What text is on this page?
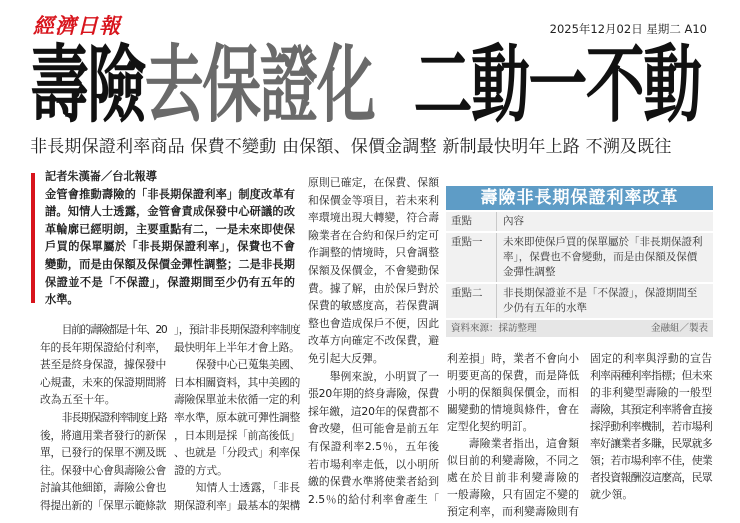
經濟日報	2025年12月02日 星期二 A10
壽險去保證化 二動一不動
非長期保證利率商品 保費不變動 由保額、保價金調整 新制最快明年上路 不溯及既往
記者朱漢崙／台北報導
金管會推動壽險的「非長期保證利率」制度改革有
譜。知情人士透露，金管會責成保發中心研議的改
革輪廓已經明朗，主要重點有二，一是未來即使保
戶買的保單屬於「非長期保證利率」，保費也不會
變動，而是由保額及保價金彈性調整；二是非長期
保證並不是「不保證」，保證期間至少仍有五年的
水準。
目前的壽險都是十年、20
年的長年期保證給付利率，
甚至是終身保證，據保發中
心規畫，未來的保證期間將
改為五至十年。
非長期保證利率制度上路
後，將適用業者發行的新保
單，已發行的保單不溯及既
往。保發中心會與壽險公會
討論其他細節，壽險公會也
得提出新的「保單示範條款
」，預計非長期保證利率制度
最快明年上半年才會上路。
保發中心已蒐集美國、
日本相關資料，其中美國的
壽險保單並未依循一定的利
率水準，原本就可彈性調整
，日本則是採「前高後低」
、也就是「分段式」利率保
證的方式。
知情人士透露，「非長
期保證利率」最基本的架構
原則已確定，在保費、保額
和保價金等項目，若未來利
率環境出現大轉變，符合壽
險業者在合約和保戶約定可
作調整的情境時，只會調整
保額及保價金，不會變動保
費。據了解，由於保戶對於
保費的敏感度高，若保費調
整也會造成保戶不便，因此
改革方向確定不改保費，避
免引起大反彈。
舉例來說，小明買了一
張20年期的終身壽險，保費
採年繳，這20年的保費都不
會改變，但可能會是前五年
有保證利率2.5％，五年後
若市場利率走低，以小明所
繳的保費水準將使業者給到
2.5％的給付利率會產生「
利差損」時，業者不會向小
明要更高的保費，而是降低
小明的保額與保價金，而相
關變動的情境與條件，會在
定型化契約明訂。
壽險業者指出，這會類
似目前的利變壽險，不同之
處在於目前非利變壽險的
一般壽險，只有固定不變的
預定利率，而利變壽險則有
固定的利率與浮動的宣告
利率兩種利率指標；但未來
的非利變型壽險的一般型
壽險，其預定利率將會直接
採浮動利率機制，若市場利
率好讓業者多賺，民眾就多
領；若市場利率不佳，使業
者投資報酬沒這麼高，民眾
就少領。
壽險非長期保證利率改革
重點	內容
重點一	未來即使保戶買的保單屬於「非長期保證利率」，保費也不會變動，而是由保額及保價金彈性調整
重點二	非長期保證並不是「不保證」，保證期間至少仍有五年的水準
資料來源：採訪整理	金融組／製表
